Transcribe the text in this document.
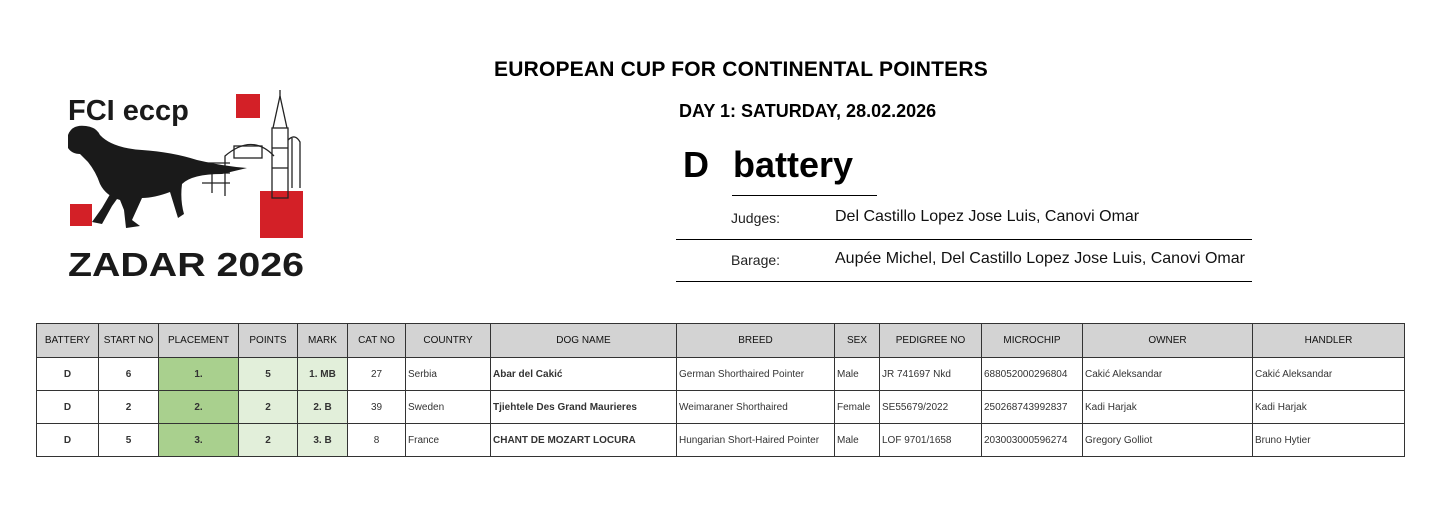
FCI eccp
ZADAR 2026
EUROPEAN CUP FOR CONTINENTAL POINTERS
DAY 1: SATURDAY, 28.02.2026
D battery
Judges:	Del Castillo Lopez Jose Luis, Canovi Omar
Barage:	Aupée Michel, Del Castillo Lopez Jose Luis, Canovi Omar
BATTERY	START NO	PLACEMENT	POINTS	MARK	CAT NO	COUNTRY	DOG NAME	BREED	SEX	PEDIGREE NO	MICROCHIP	OWNER	HANDLER
D	6	1.	5	1. MB	27	Serbia	Abar del Cakić	German Shorthaired Pointer	Male	JR 741697 Nkd	688052000296804	Cakić Aleksandar	Cakić Aleksandar
D	2	2.	2	2. B	39	Sweden	Tjiehtele Des Grand Maurieres	Weimaraner Shorthaired	Female	SE55679/2022	250268743992837	Kadi Harjak	Kadi Harjak
D	5	3.	2	3. B	8	France	CHANT DE MOZART LOCURA	Hungarian Short-Haired Pointer	Male	LOF 9701/1658	203003000596274	Gregory Golliot	Bruno Hytier
